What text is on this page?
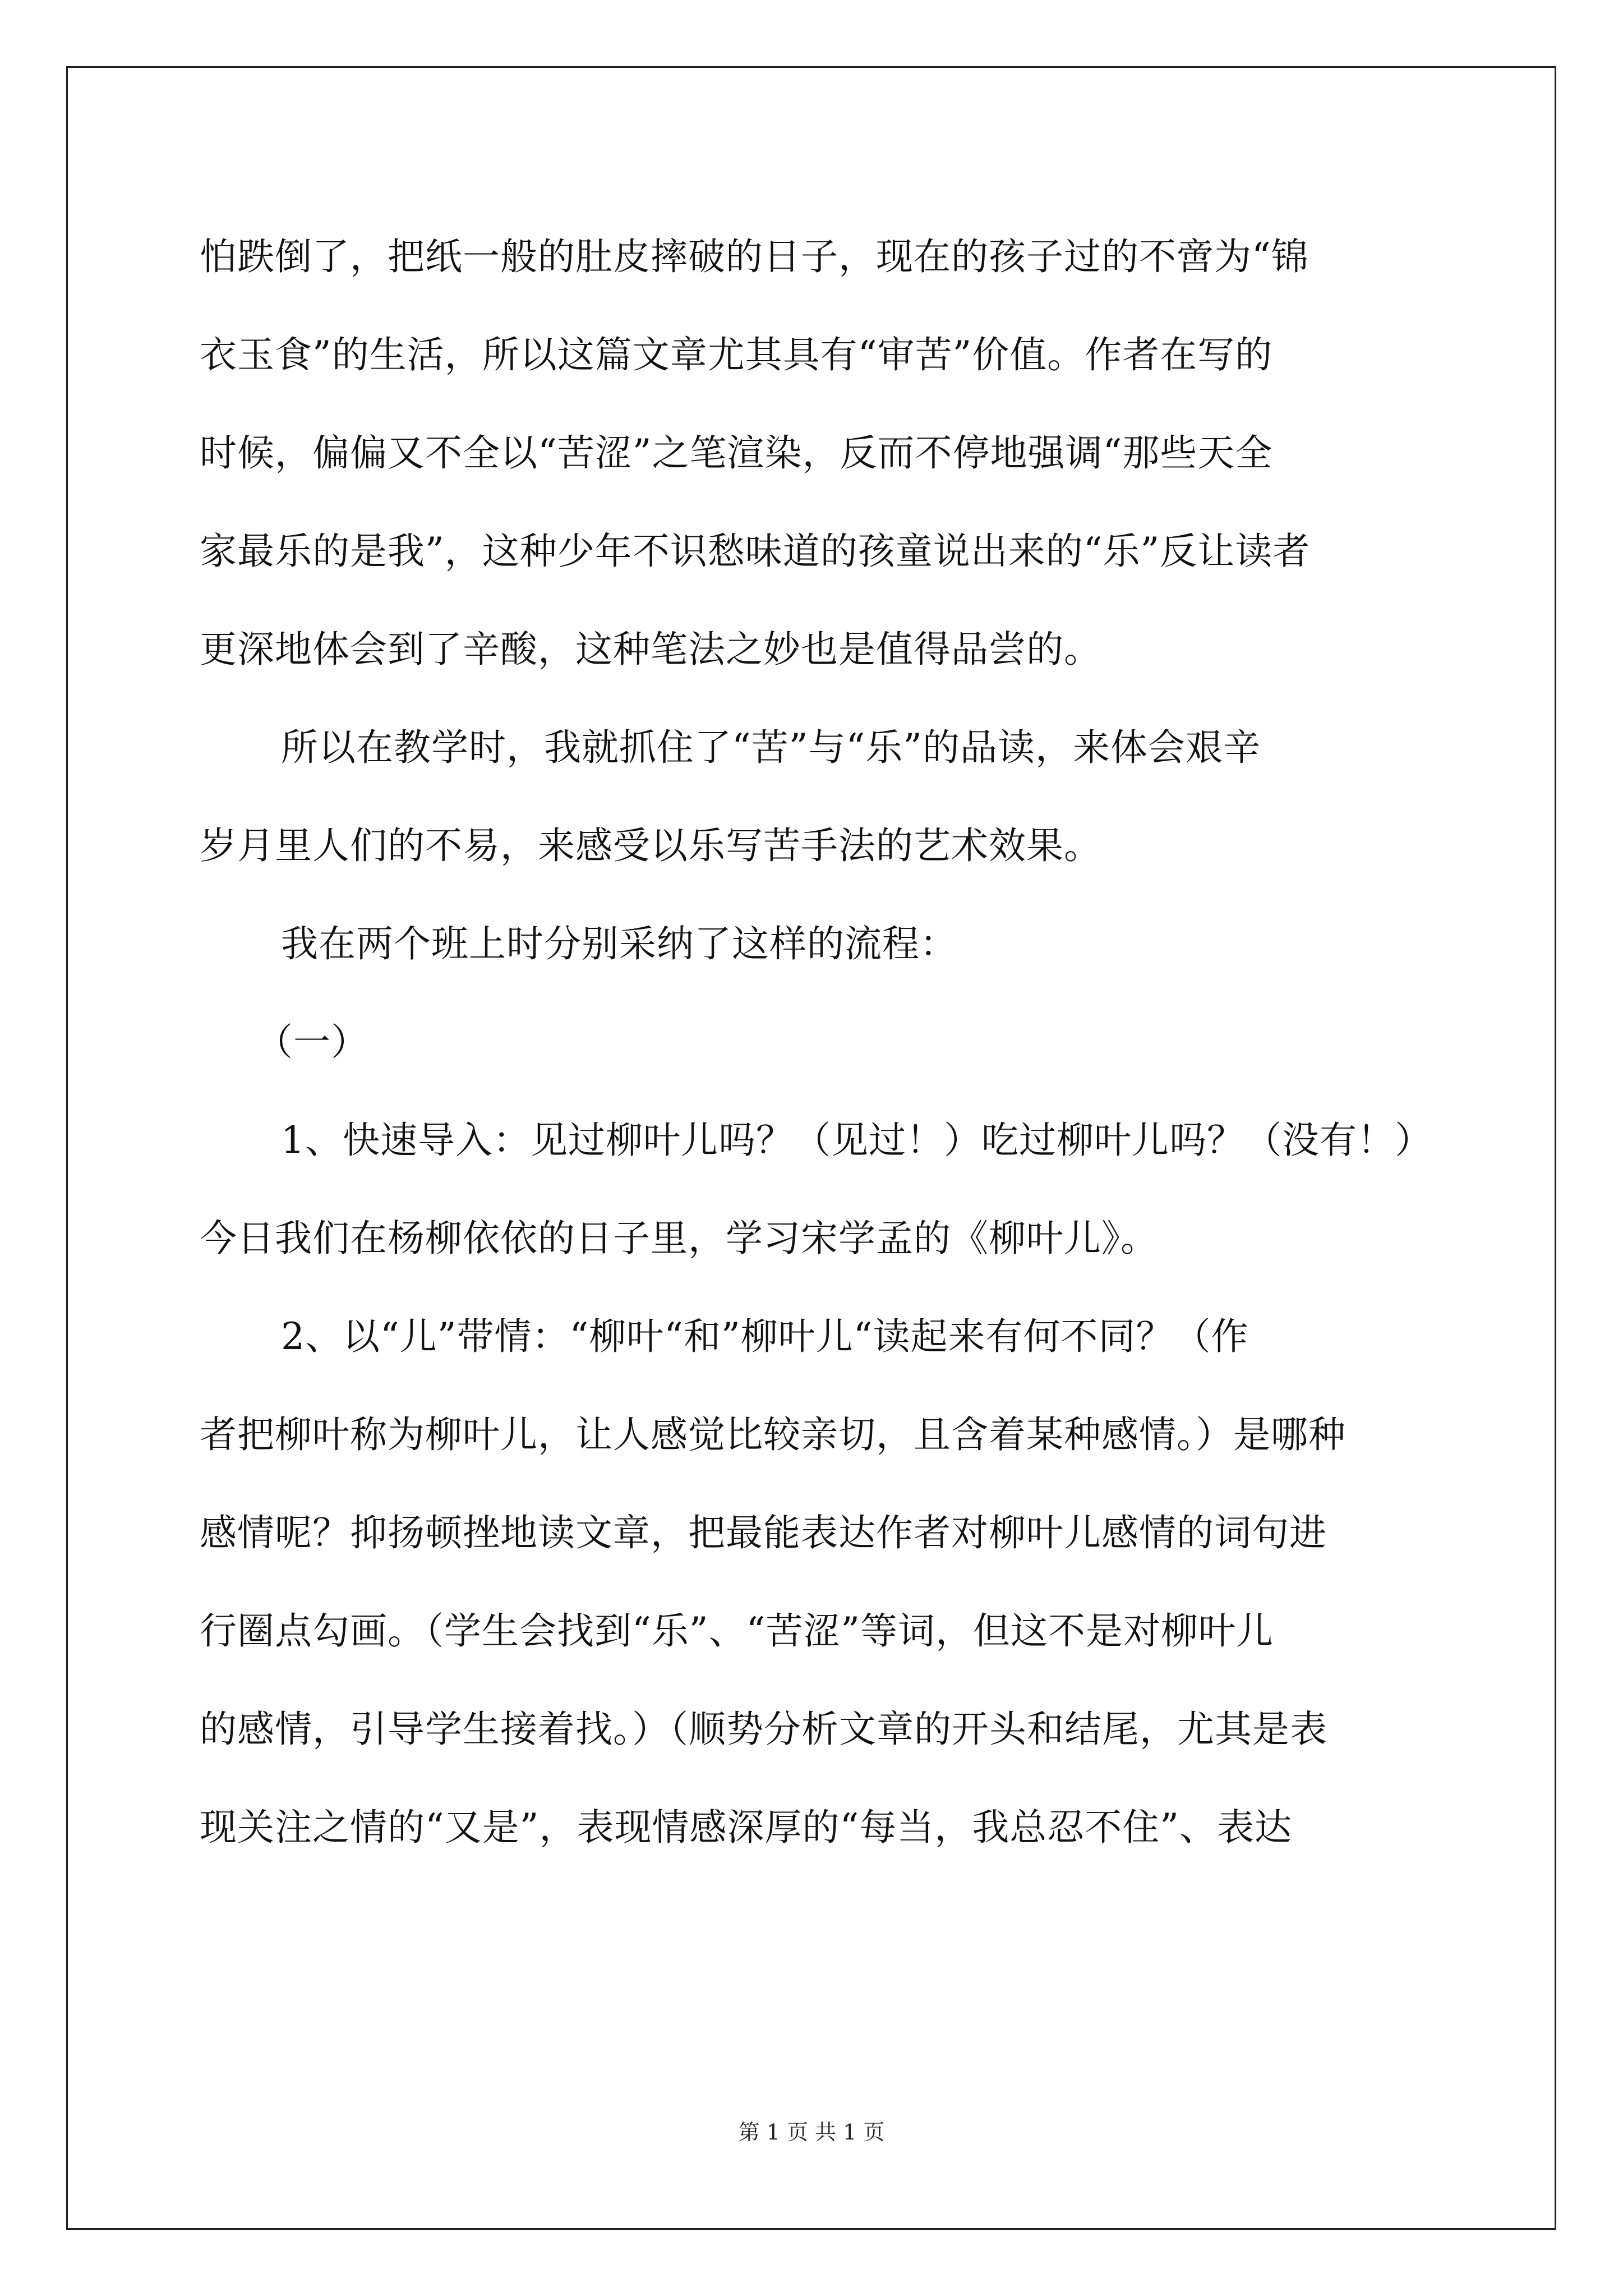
怕跌倒了，把纸一般的肚皮摔破的日子，现在的孩子过的不啻为“锦
衣玉食”的生活，所以这篇文章尤其具有“审苦”价值。作者在写的
时候，偏偏又不全以“苦涩”之笔渲染，反而不停地强调“那些天全
家最乐的是我”，这种少年不识愁味道的孩童说出来的“乐”反让读者
更深地体会到了辛酸，这种笔法之妙也是值得品尝的。
所以在教学时，我就抓住了“苦”与“乐”的品读，来体会艰辛
岁月里人们的不易，来感受以乐写苦手法的艺术效果。
我在两个班上时分别采纳了这样的流程：
（一）
1、快速导入：见过柳叶儿吗？（见过！）吃过柳叶儿吗？（没有！）
今日我们在杨柳依依的日子里，学习宋学孟的《柳叶儿》。
2、以“儿”带情：“柳叶“和”柳叶儿“读起来有何不同？（作
者把柳叶称为柳叶儿，让人感觉比较亲切，且含着某种感情。）是哪种
感情呢？抑扬顿挫地读文章，把最能表达作者对柳叶儿感情的词句进
行圈点勾画。（学生会找到“乐”、“苦涩”等词，但这不是对柳叶儿
的感情，引导学生接着找。）（顺势分析文章的开头和结尾，尤其是表
现关注之情的“又是”，表现情感深厚的“每当，我总忍不住”、表达
第 1 页 共 1 页
